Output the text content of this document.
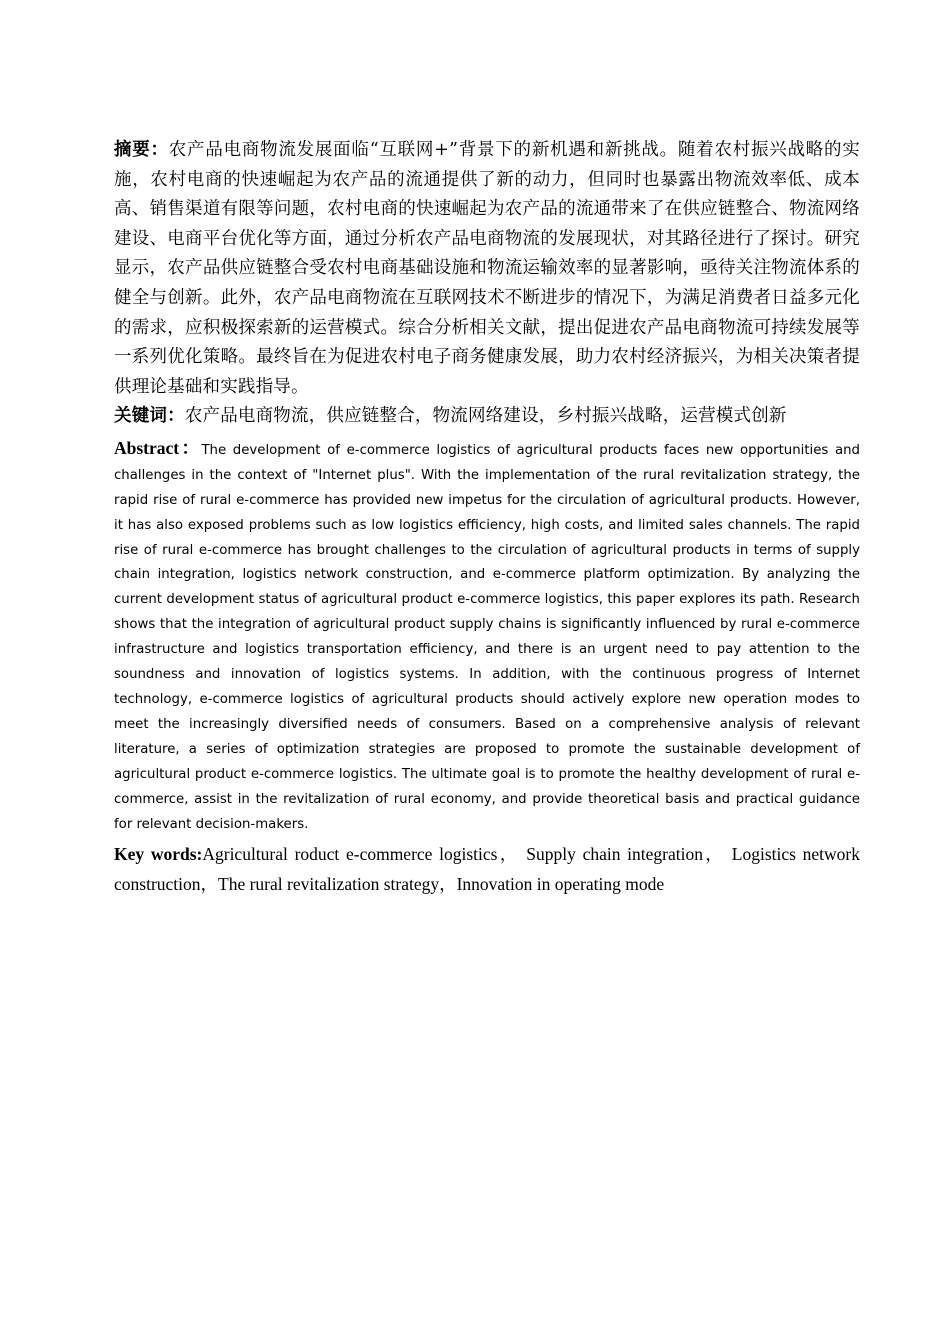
摘要：农产品电商物流发展面临“互联网+”背景下的新机遇和新挑战。随着农村振兴战略的实施，农村电商的快速崛起为农产品的流通提供了新的动力，但同时也暴露出物流效率低、成本高、销售渠道有限等问题，农村电商的快速崛起为农产品的流通带来了在供应链整合、物流网络建设、电商平台优化等方面，通过分析农产品电商物流的发展现状，对其路径进行了探讨。研究显示，农产品供应链整合受农村电商基础设施和物流运输效率的显著影响，亟待关注物流体系的健全与创新。此外，农产品电商物流在互联网技术不断进步的情况下，为满足消费者日益多元化的需求，应积极探索新的运营模式。综合分析相关文献，提出促进农产品电商物流可持续发展等一系列优化策略。最终旨在为促进农村电子商务健康发展，助力农村经济振兴，为相关决策者提供理论基础和实践指导。

关键词：农产品电商物流，供应链整合，物流网络建设，乡村振兴战略，运营模式创新

Abstract：The development of e-commerce logistics of agricultural products faces new opportunities and challenges in the context of "Internet plus". With the implementation of the rural revitalization strategy, the rapid rise of rural e-commerce has provided new impetus for the circulation of agricultural products. However, it has also exposed problems such as low logistics efficiency, high costs, and limited sales channels. The rapid rise of rural e-commerce has brought challenges to the circulation of agricultural products in terms of supply chain integration, logistics network construction, and e-commerce platform optimization. By analyzing the current development status of agricultural product e-commerce logistics, this paper explores its path. Research shows that the integration of agricultural product supply chains is significantly influenced by rural e-commerce infrastructure and logistics transportation efficiency, and there is an urgent need to pay attention to the soundness and innovation of logistics systems. In addition, with the continuous progress of Internet technology, e-commerce logistics of agricultural products should actively explore new operation modes to meet the increasingly diversified needs of consumers. Based on a comprehensive analysis of relevant literature, a series of optimization strategies are proposed to promote the sustainable development of agricultural product e-commerce logistics. The ultimate goal is to promote the healthy development of rural e-commerce, assist in the revitalization of rural economy, and provide theoretical basis and practical guidance for relevant decision-makers.

Key words:Agricultural roduct e-commerce logistics， Supply chain integration， Logistics network construction，The rural revitalization strategy，Innovation in operating mode
